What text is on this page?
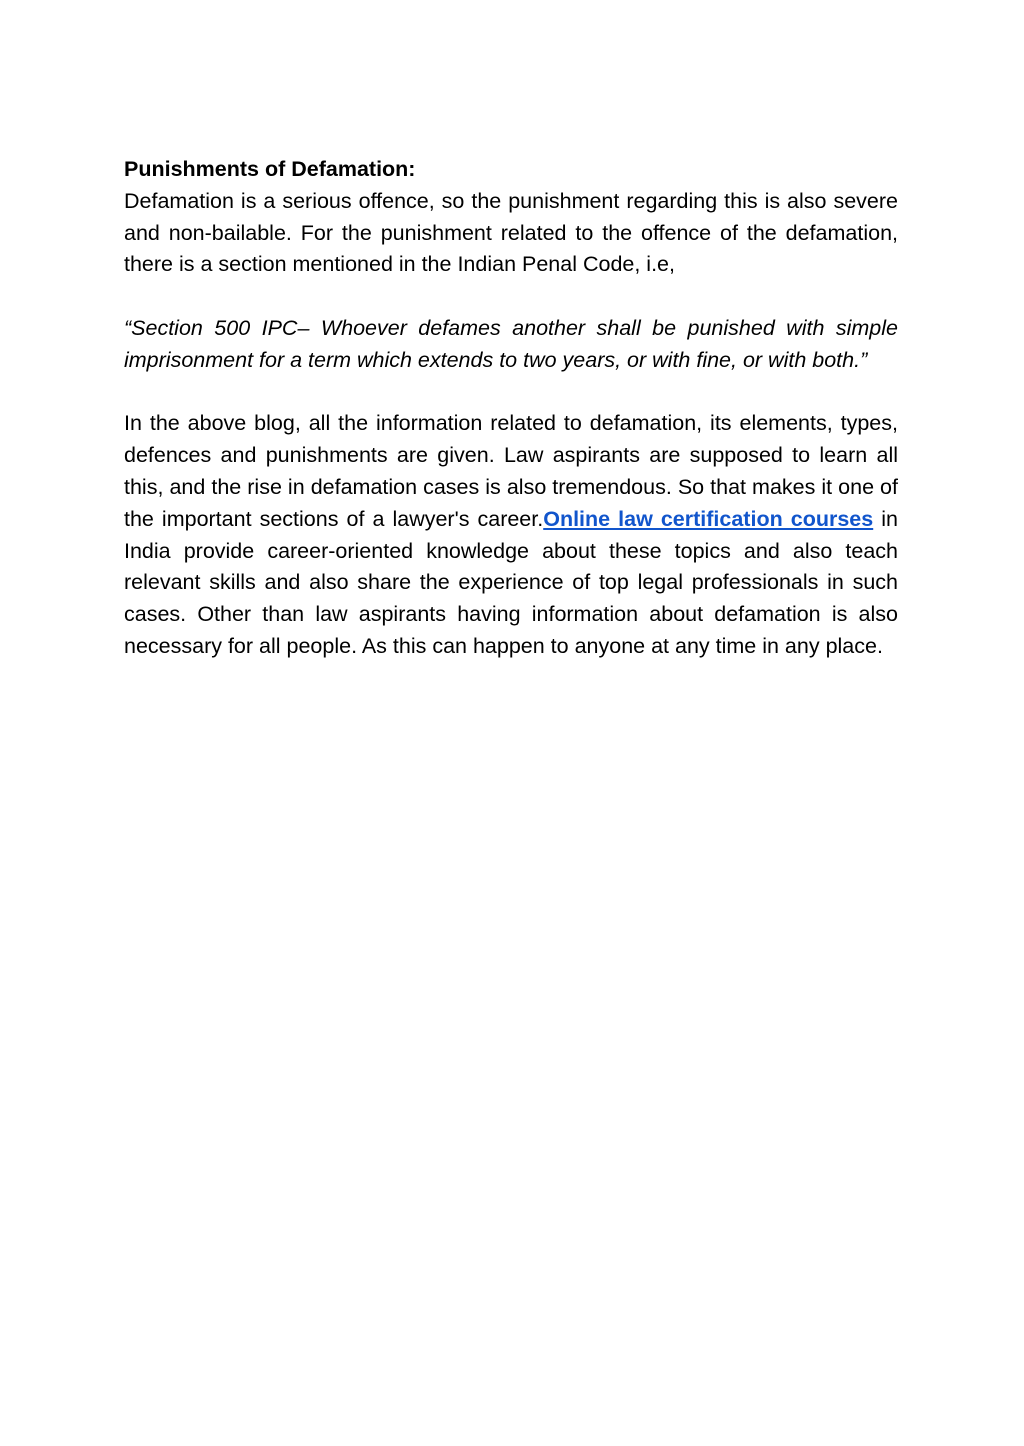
Punishments of Defamation:

Defamation is a serious offence, so the punishment regarding this is also severe and non-bailable. For the punishment related to the offence of the defamation, there is a section mentioned in the Indian Penal Code, i.e,

“Section 500 IPC– Whoever defames another shall be punished with simple imprisonment for a term which extends to two years, or with fine, or with both.”

In the above blog, all the information related to defamation, its elements, types, defences and punishments are given. Law aspirants are supposed to learn all this, and the rise in defamation cases is also tremendous. So that makes it one of the important sections of a lawyer's career.Online law certification courses in India provide career-oriented knowledge about these topics and also teach relevant skills and also share the experience of top legal professionals in such cases. Other than law aspirants having information about defamation is also necessary for all people. As this can happen to anyone at any time in any place.
